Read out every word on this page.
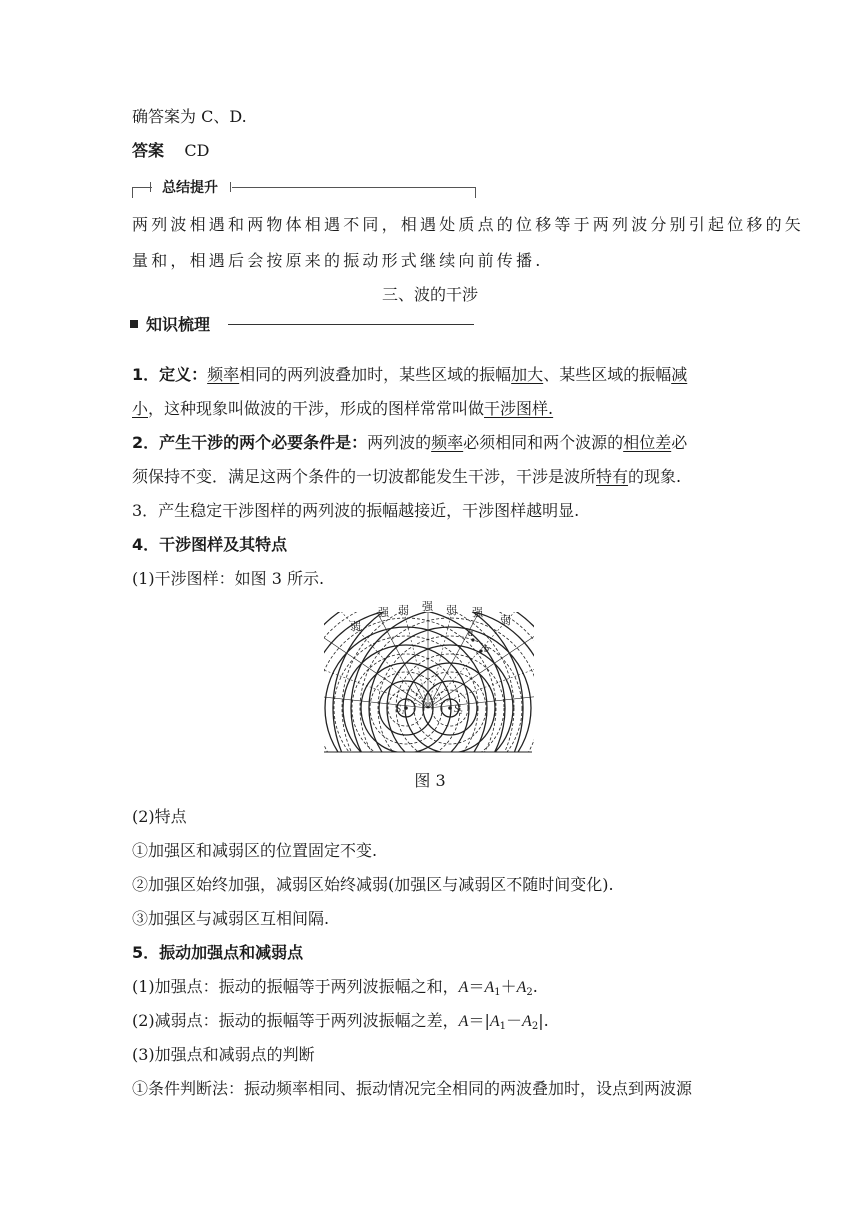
确答案为 C、D.
答案 CD
总结提升
两列波相遇和两物体相遇不同，相遇处质点的位移等于两列波分别引起位移的矢
量和，相遇后会按原来的振动形式继续向前传播.
三、波的干涉
知识梳理
1．定义：频率相同的两列波叠加时，某些区域的振幅加大、某些区域的振幅减
小，这种现象叫做波的干涉，形成的图样常常叫做干涉图样.
2．产生干涉的两个必要条件是：两列波的频率必须相同和两个波源的相位差必
须保持不变．满足这两个条件的一切波都能发生干涉，干涉是波所特有的现象.
3．产生稳定干涉图样的两列波的振幅越接近，干涉图样越明显.
4．干涉图样及其特点
(1)干涉图样：如图 3 所示.
弱
强 弱 强 弱 强
弱
a
b
S₁	S₂
图 3
(2)特点
①加强区和减弱区的位置固定不变.
②加强区始终加强，减弱区始终减弱(加强区与减弱区不随时间变化).
③加强区与减弱区互相间隔.
5．振动加强点和减弱点
(1)加强点：振动的振幅等于两列波振幅之和，$A=A_1+A_2$.
(2)减弱点：振动的振幅等于两列波振幅之差，$A=|A_1-A_2|$.
(3)加强点和减弱点的判断
①条件判断法：振动频率相同、振动情况完全相同的两波叠加时，设点到两波源
